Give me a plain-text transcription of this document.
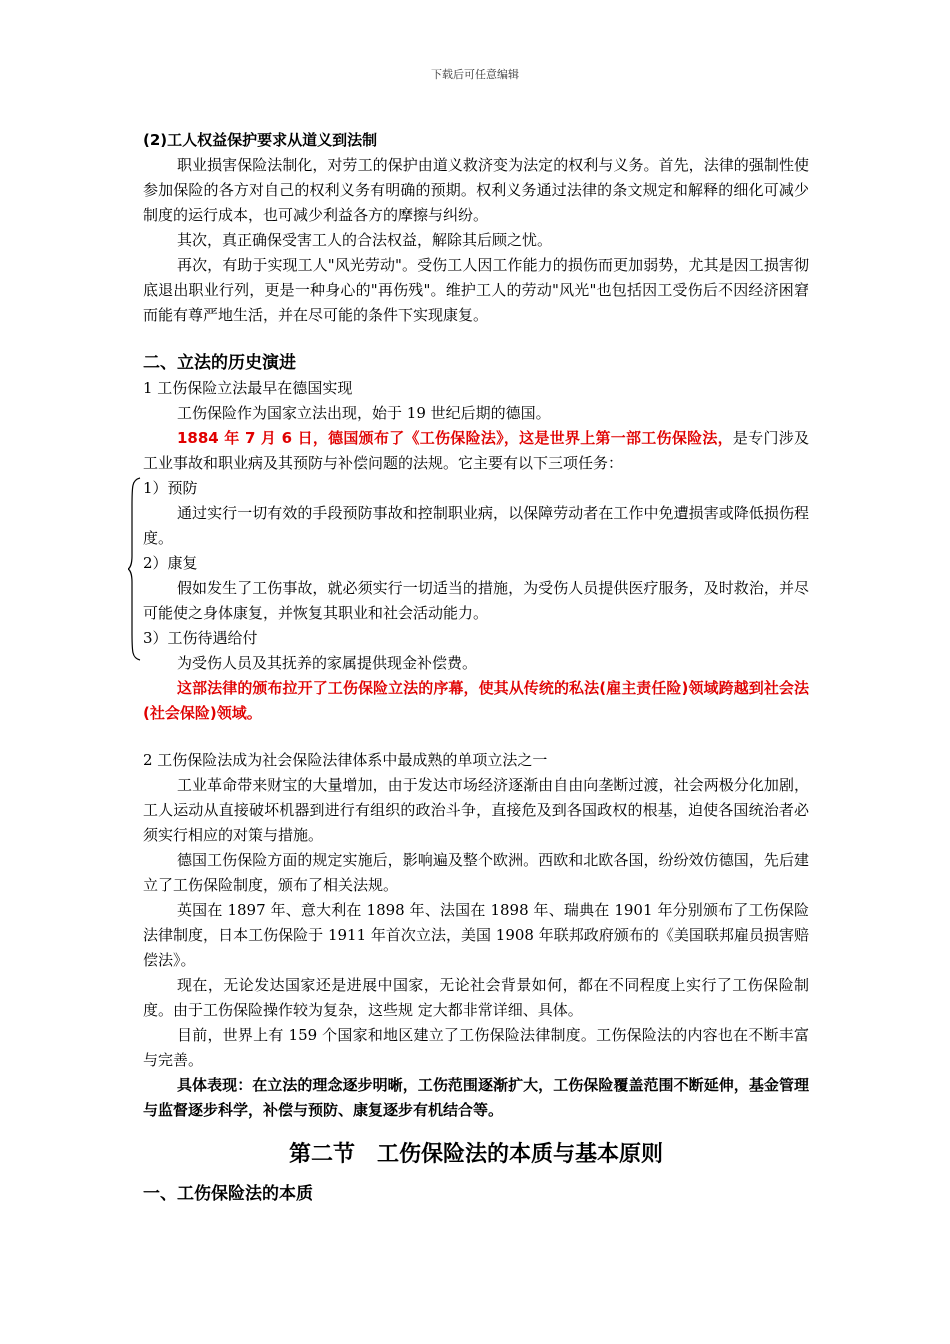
下载后可任意编辑

(2)工人权益保护要求从道义到法制

职业损害保险法制化，对劳工的保护由道义救济变为法定的权利与义务。首先，法律的强制性使参加保险的各方对自己的权利义务有明确的预期。权利义务通过法律的条文规定和解释的细化可减少制度的运行成本，也可减少利益各方的摩擦与纠纷。

其次，真正确保受害工人的合法权益，解除其后顾之忧。

再次，有助于实现工人"风光劳动"。受伤工人因工作能力的损伤而更加弱势，尤其是因工损害彻底退出职业行列，更是一种身心的"再伤残"。维护工人的劳动"风光"也包括因工受伤后不因经济困窘而能有尊严地生活，并在尽可能的条件下实现康复。

二、立法的历史演进

1 工伤保险立法最早在德国实现

工伤保险作为国家立法出现，始于 19 世纪后期的德国。

1884 年 7 月 6 日，德国颁布了《工伤保险法》，这是世界上第一部工伤保险法，是专门涉及工业事故和职业病及其预防与补偿问题的法规。它主要有以下三项任务：

1）预防

通过实行一切有效的手段预防事故和控制职业病，以保障劳动者在工作中免遭损害或降低损伤程度。

2）康复

假如发生了工伤事故，就必须实行一切适当的措施，为受伤人员提供医疗服务，及时救治，并尽可能使之身体康复，并恢复其职业和社会活动能力。

3）工伤待遇给付

为受伤人员及其抚养的家属提供现金补偿费。

这部法律的颁布拉开了工伤保险立法的序幕，使其从传统的私法(雇主责任险)领域跨越到社会法(社会保险)领域。

2 工伤保险法成为社会保险法律体系中最成熟的单项立法之一

工业革命带来财宝的大量增加，由于发达市场经济逐渐由自由向垄断过渡，社会两极分化加剧，工人运动从直接破坏机器到进行有组织的政治斗争，直接危及到各国政权的根基，迫使各国统治者必须实行相应的对策与措施。

德国工伤保险方面的规定实施后，影响遍及整个欧洲。西欧和北欧各国，纷纷效仿德国，先后建立了工伤保险制度，颁布了相关法规。

英国在 1897 年、意大利在 1898 年、法国在 1898 年、瑞典在 1901 年分别颁布了工伤保险法律制度，日本工伤保险于 1911 年首次立法，美国 1908 年联邦政府颁布的《美国联邦雇员损害赔偿法》。

现在，无论发达国家还是进展中国家，无论社会背景如何，都在不同程度上实行了工伤保险制度。由于工伤保险操作较为复杂，这些规 定大都非常详细、具体。

目前，世界上有 159 个国家和地区建立了工伤保险法律制度。工伤保险法的内容也在不断丰富与完善。

具体表现：在立法的理念逐步明晰，工伤范围逐渐扩大，工伤保险覆盖范围不断延伸，基金管理与监督逐步科学，补偿与预防、康复逐步有机结合等。

第二节　工伤保险法的本质与基本原则

一、工伤保险法的本质
